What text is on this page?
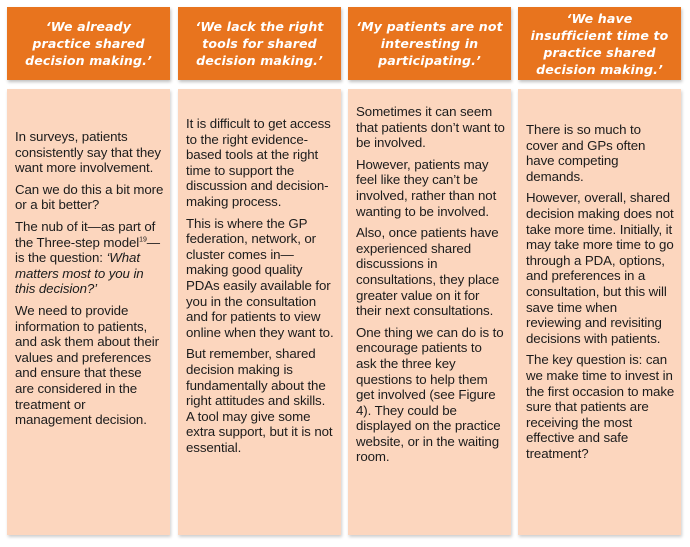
‘We already practice shared decision making.’

In surveys, patients consistently say that they want more involvement.

Can we do this a bit more or a bit better?

The nub of it—as part of the Three-step model$^{19}$—is the question: ‘What matters most to you in this decision?’

We need to provide information to patients, and ask them about their values and preferences and ensure that these are considered in the treatment or management decision.

‘We lack the right tools for shared decision making.’

It is difficult to get access to the right evidence-based tools at the right time to support the discussion and decision-making process.

This is where the GP federation, network, or cluster comes in—making good quality PDAs easily available for you in the consultation and for patients to view online when they want to.

But remember, shared decision making is fundamentally about the right attitudes and skills. A tool may give some extra support, but it is not essential.

‘My patients are not interesting in participating.’

Sometimes it can seem that patients don’t want to be involved.

However, patients may feel like they can’t be involved, rather than not wanting to be involved.

Also, once patients have experienced shared discussions in consultations, they place greater value on it for their next consultations.

One thing we can do is to encourage patients to ask the three key questions to help them get involved (see Figure 4). They could be displayed on the practice website, or in the waiting room.

‘We have insufficient time to practice shared decision making.’

There is so much to cover and GPs often have competing demands.

However, overall, shared decision making does not take more time. Initially, it may take more time to go through a PDA, options, and preferences in a consultation, but this will save time when reviewing and revisiting decisions with patients.

The key question is: can we make time to invest in the first occasion to make sure that patients are receiving the most effective and safe treatment?
